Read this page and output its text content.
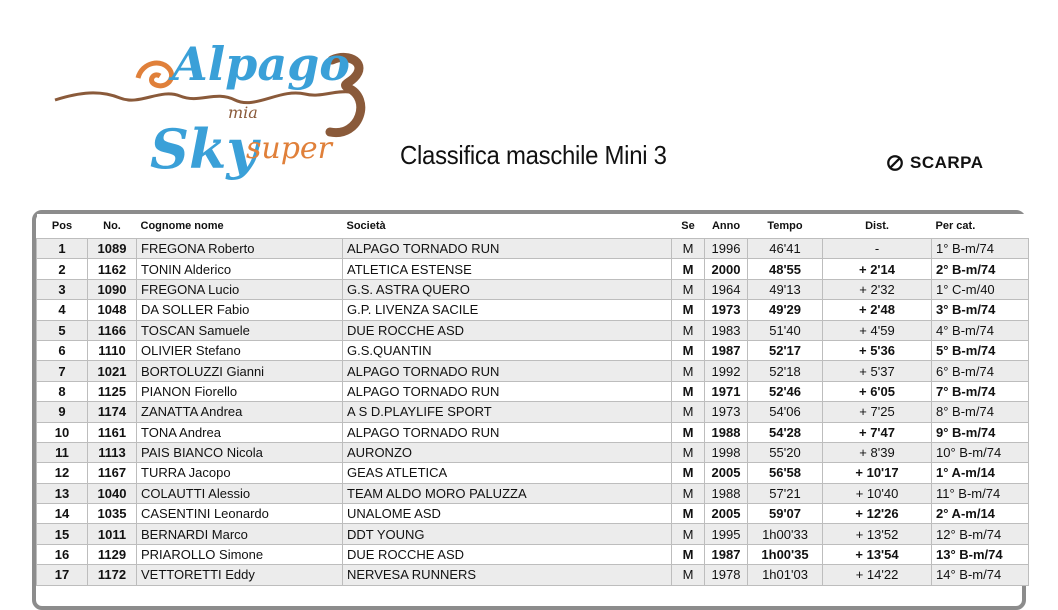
Alpago
mia
Sky
super	Classifica maschile Mini 3	SCARPA
Pos	No.	Cognome nome	Società	Se	Anno	Tempo	Dist.	Per cat.
1	1089	FREGONA Roberto	ALPAGO TORNADO RUN	M	1996	46'41	-	1° B-m/74
2	1162	TONIN Alderico	ATLETICA ESTENSE	M	2000	48'55	+ 2'14	2° B-m/74
3	1090	FREGONA Lucio	G.S. ASTRA QUERO	M	1964	49'13	+ 2'32	1° C-m/40
4	1048	DA SOLLER Fabio	G.P. LIVENZA SACILE	M	1973	49'29	+ 2'48	3° B-m/74
5	1166	TOSCAN Samuele	DUE ROCCHE ASD	M	1983	51'40	+ 4'59	4° B-m/74
6	1110	OLIVIER Stefano	G.S.QUANTIN	M	1987	52'17	+ 5'36	5° B-m/74
7	1021	BORTOLUZZI Gianni	ALPAGO TORNADO RUN	M	1992	52'18	+ 5'37	6° B-m/74
8	1125	PIANON Fiorello	ALPAGO TORNADO RUN	M	1971	52'46	+ 6'05	7° B-m/74
9	1174	ZANATTA Andrea	A S D.PLAYLIFE SPORT	M	1973	54'06	+ 7'25	8° B-m/74
10	1161	TONA Andrea	ALPAGO TORNADO RUN	M	1988	54'28	+ 7'47	9° B-m/74
11	1113	PAIS BIANCO Nicola	AURONZO	M	1998	55'20	+ 8'39	10° B-m/74
12	1167	TURRA Jacopo	GEAS ATLETICA	M	2005	56'58	+ 10'17	1° A-m/14
13	1040	COLAUTTI Alessio	TEAM ALDO MORO PALUZZA	M	1988	57'21	+ 10'40	11° B-m/74
14	1035	CASENTINI Leonardo	UNALOME ASD	M	2005	59'07	+ 12'26	2° A-m/14
15	1011	BERNARDI Marco	DDT YOUNG	M	1995	1h00'33	+ 13'52	12° B-m/74
16	1129	PRIAROLLO Simone	DUE ROCCHE ASD	M	1987	1h00'35	+ 13'54	13° B-m/74
17	1172	VETTORETTI Eddy	NERVESA RUNNERS	M	1978	1h01'03	+ 14'22	14° B-m/74
